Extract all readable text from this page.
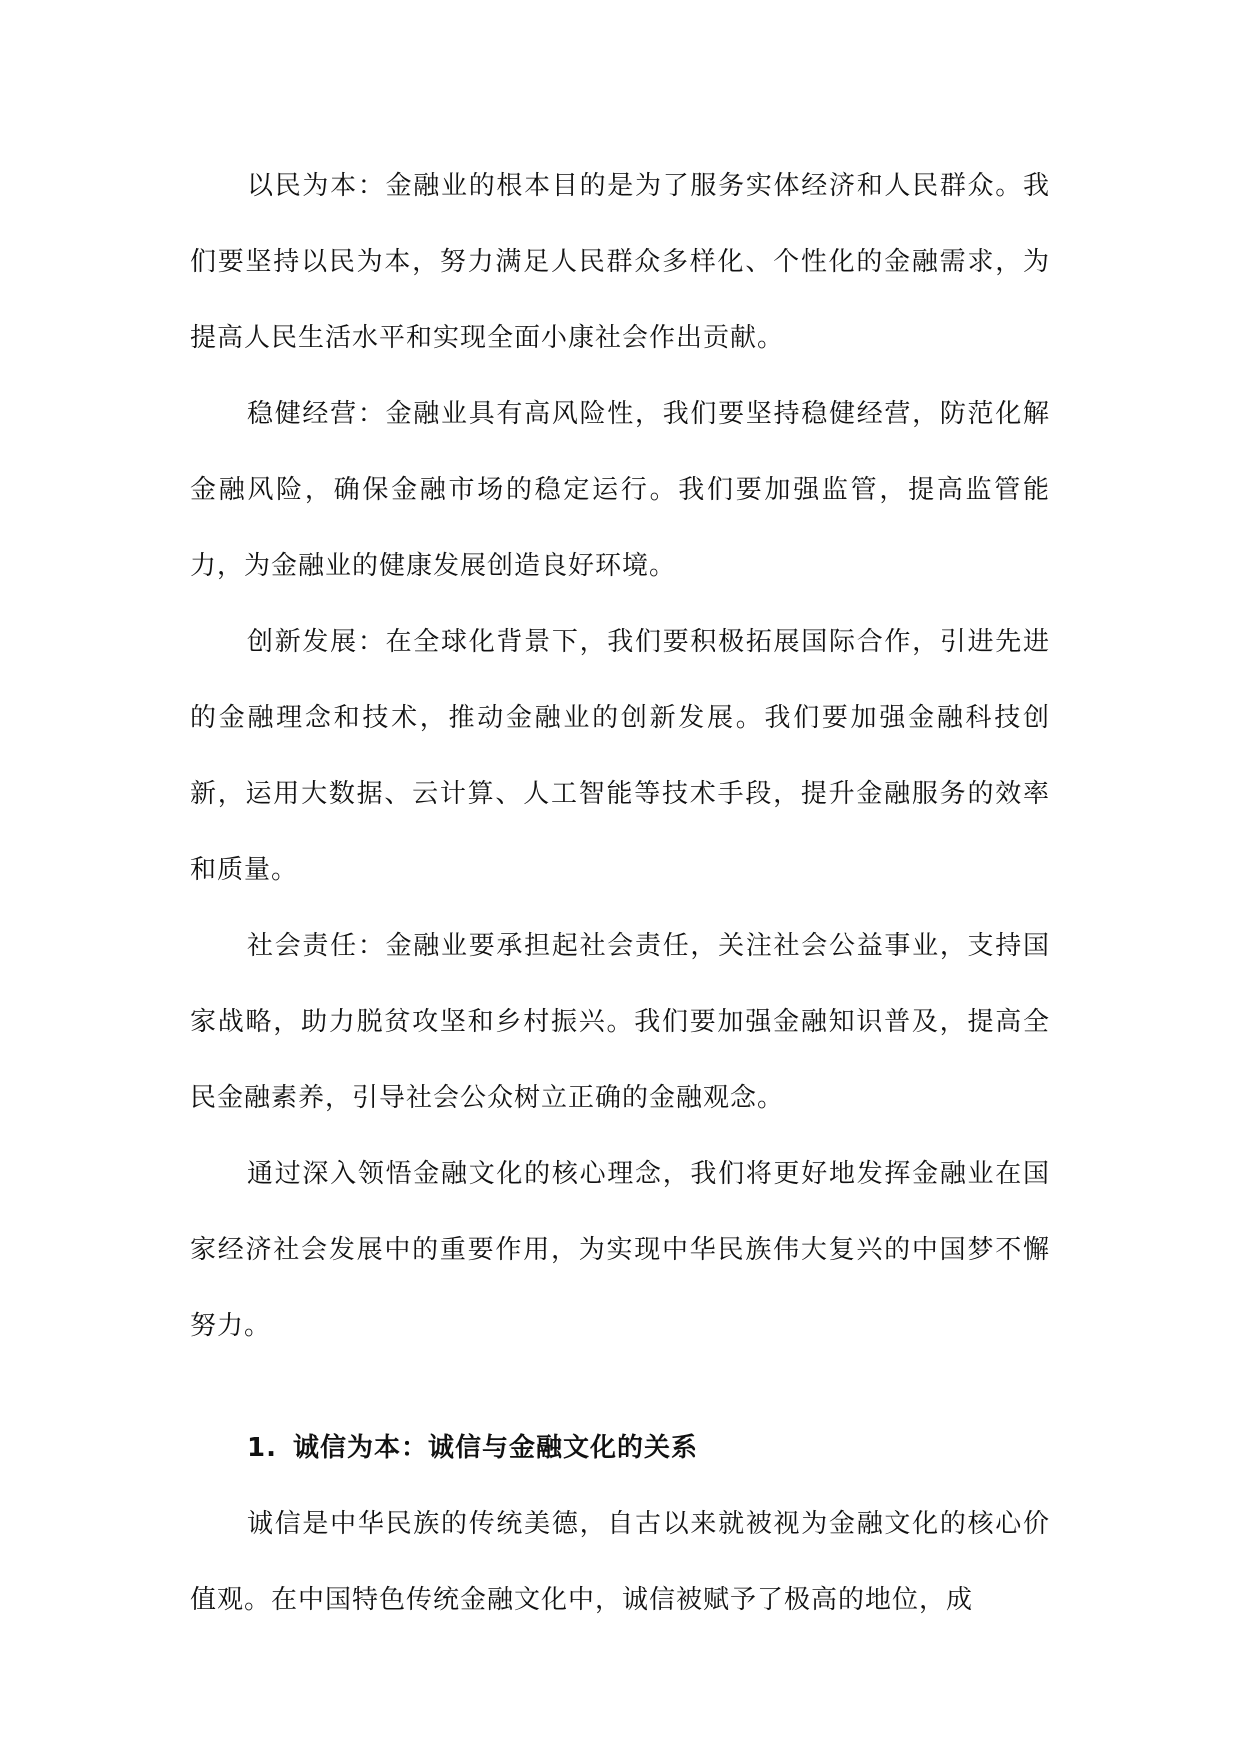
以民为本：金融业的根本目的是为了服务实体经济和人民群众。我们要坚持以民为本，努力满足人民群众多样化、个性化的金融需求，为提高人民生活水平和实现全面小康社会作出贡献。

稳健经营：金融业具有高风险性，我们要坚持稳健经营，防范化解金融风险，确保金融市场的稳定运行。我们要加强监管，提高监管能力，为金融业的健康发展创造良好环境。

创新发展：在全球化背景下，我们要积极拓展国际合作，引进先进的金融理念和技术，推动金融业的创新发展。我们要加强金融科技创新，运用大数据、云计算、人工智能等技术手段，提升金融服务的效率和质量。

社会责任：金融业要承担起社会责任，关注社会公益事业，支持国家战略，助力脱贫攻坚和乡村振兴。我们要加强金融知识普及，提高全民金融素养，引导社会公众树立正确的金融观念。

通过深入领悟金融文化的核心理念，我们将更好地发挥金融业在国家经济社会发展中的重要作用，为实现中华民族伟大复兴的中国梦不懈努力。

1. 诚信为本：诚信与金融文化的关系

诚信是中华民族的传统美德，自古以来就被视为金融文化的核心价值观。在中国特色传统金融文化中，诚信被赋予了极高的地位，成
